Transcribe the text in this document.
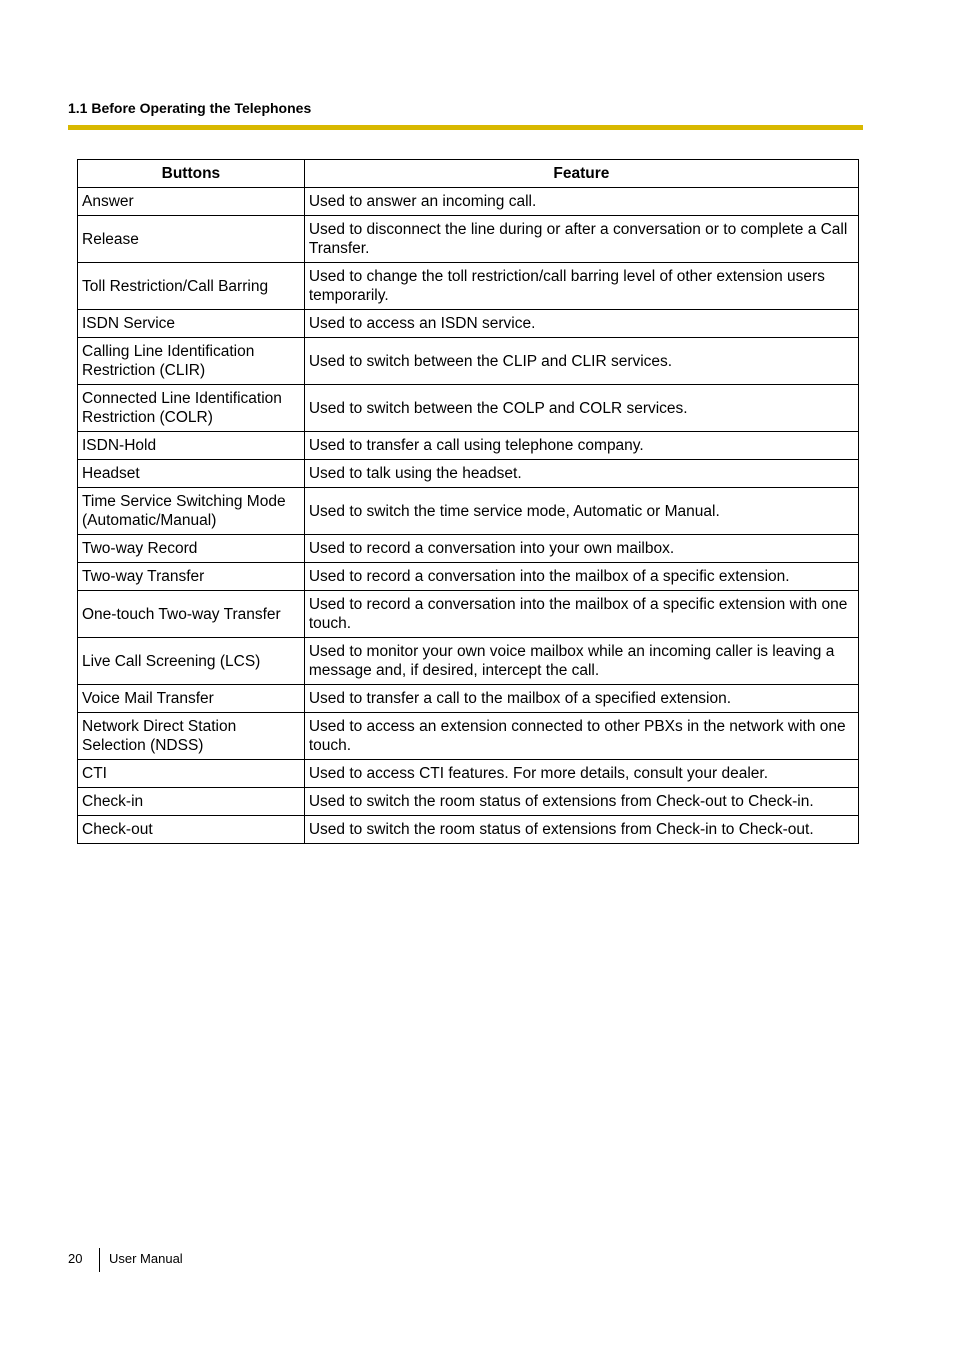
1.1 Before Operating the Telephones
Buttons	Feature
Answer	Used to answer an incoming call.
Release	Used to disconnect the line during or after a conversation or to complete a Call Transfer.
Toll Restriction/Call Barring	Used to change the toll restriction/call barring level of other extension users temporarily.
ISDN Service	Used to access an ISDN service.
Calling Line Identification Restriction (CLIR)	Used to switch between the CLIP and CLIR services.
Connected Line Identification Restriction (COLR)	Used to switch between the COLP and COLR services.
ISDN-Hold	Used to transfer a call using telephone company.
Headset	Used to talk using the headset.
Time Service Switching Mode (Automatic/Manual)	Used to switch the time service mode, Automatic or Manual.
Two-way Record	Used to record a conversation into your own mailbox.
Two-way Transfer	Used to record a conversation into the mailbox of a specific extension.
One-touch Two-way Transfer	Used to record a conversation into the mailbox of a specific extension with one touch.
Live Call Screening (LCS)	Used to monitor your own voice mailbox while an incoming caller is leaving a message and, if desired, intercept the call.
Voice Mail Transfer	Used to transfer a call to the mailbox of a specified extension.
Network Direct Station Selection (NDSS)	Used to access an extension connected to other PBXs in the network with one touch.
CTI	Used to access CTI features. For more details, consult your dealer.
Check-in	Used to switch the room status of extensions from Check-out to Check-in.
Check-out	Used to switch the room status of extensions from Check-in to Check-out.
20 User Manual
